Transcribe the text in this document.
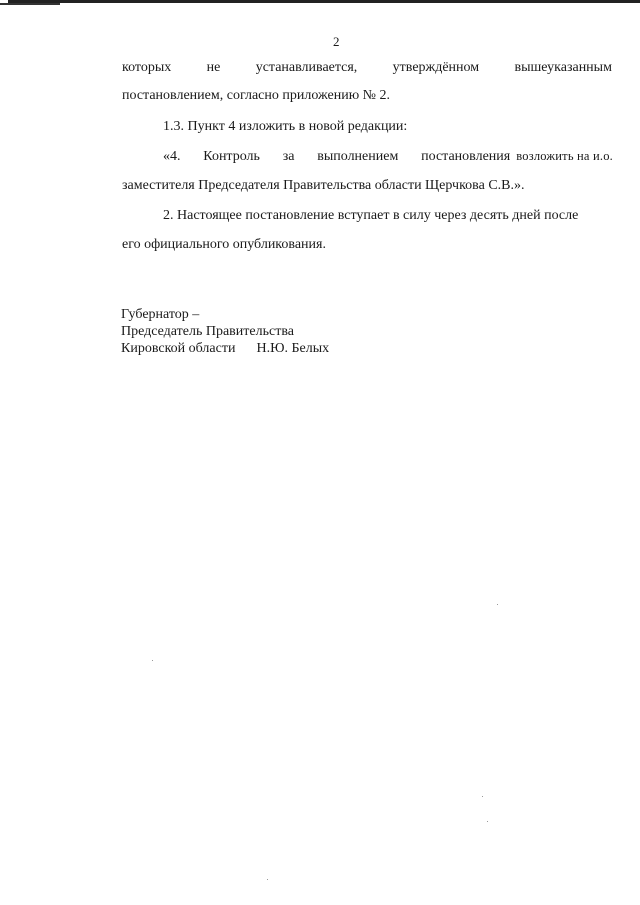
2
которых	не	устанавливается,	утверждённом	вышеуказанным
постановлением, согласно приложению № 2.
1.3. Пункт 4 изложить в новой редакции:
«4. Контроль за выполнением постановления возложить на и.о.
заместителя Председателя Правительства области Щерчкова С.В.».
2. Настоящее постановление вступает в силу через десять дней после
его официального опубликования.
Губернатор –
Председатель Правительства
Кировской области Н.Ю. Белых
